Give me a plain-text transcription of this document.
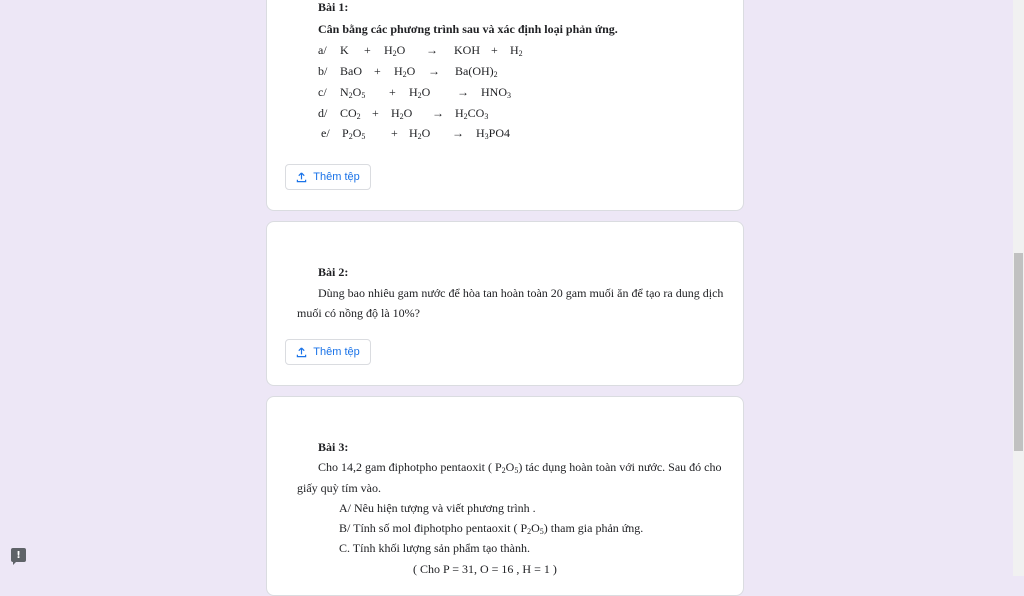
Bài 1:
Cân bằng các phương trình sau và xác định loại phản ứng.
a/ $K + H_2O$ → KOH + $H_2$
b/ BaO + $H_2O \to Ba(OH)_2$
c/ $N_2O_5 + H_2O \to HNO_3$
d/ $CO_2 + H_2O \to H_2CO_3$
e/ $P_2O_5 + H_2O \to H_3PO4$
Thêm tệp
Bài 2:
Dùng bao nhiêu gam nước để hòa tan hoàn toàn 20 gam muối ăn để tạo ra dung dịch
muối có nồng độ là 10%?
Thêm tệp
Bài 3:
Cho 14,2 gam điphotpho pentaoxit ( $P_2O_5$) tác dụng hoàn toàn với nước. Sau đó cho
giấy quỳ tím vào.
A/ Nêu hiện tượng và viết phương trình .
B/ Tính số mol điphotpho pentaoxit ( $P_2O_5$) tham gia phản ứng.
C. Tính khối lượng sản phẩm tạo thành.
( Cho P = 31, O = 16 , H = 1 )
!
